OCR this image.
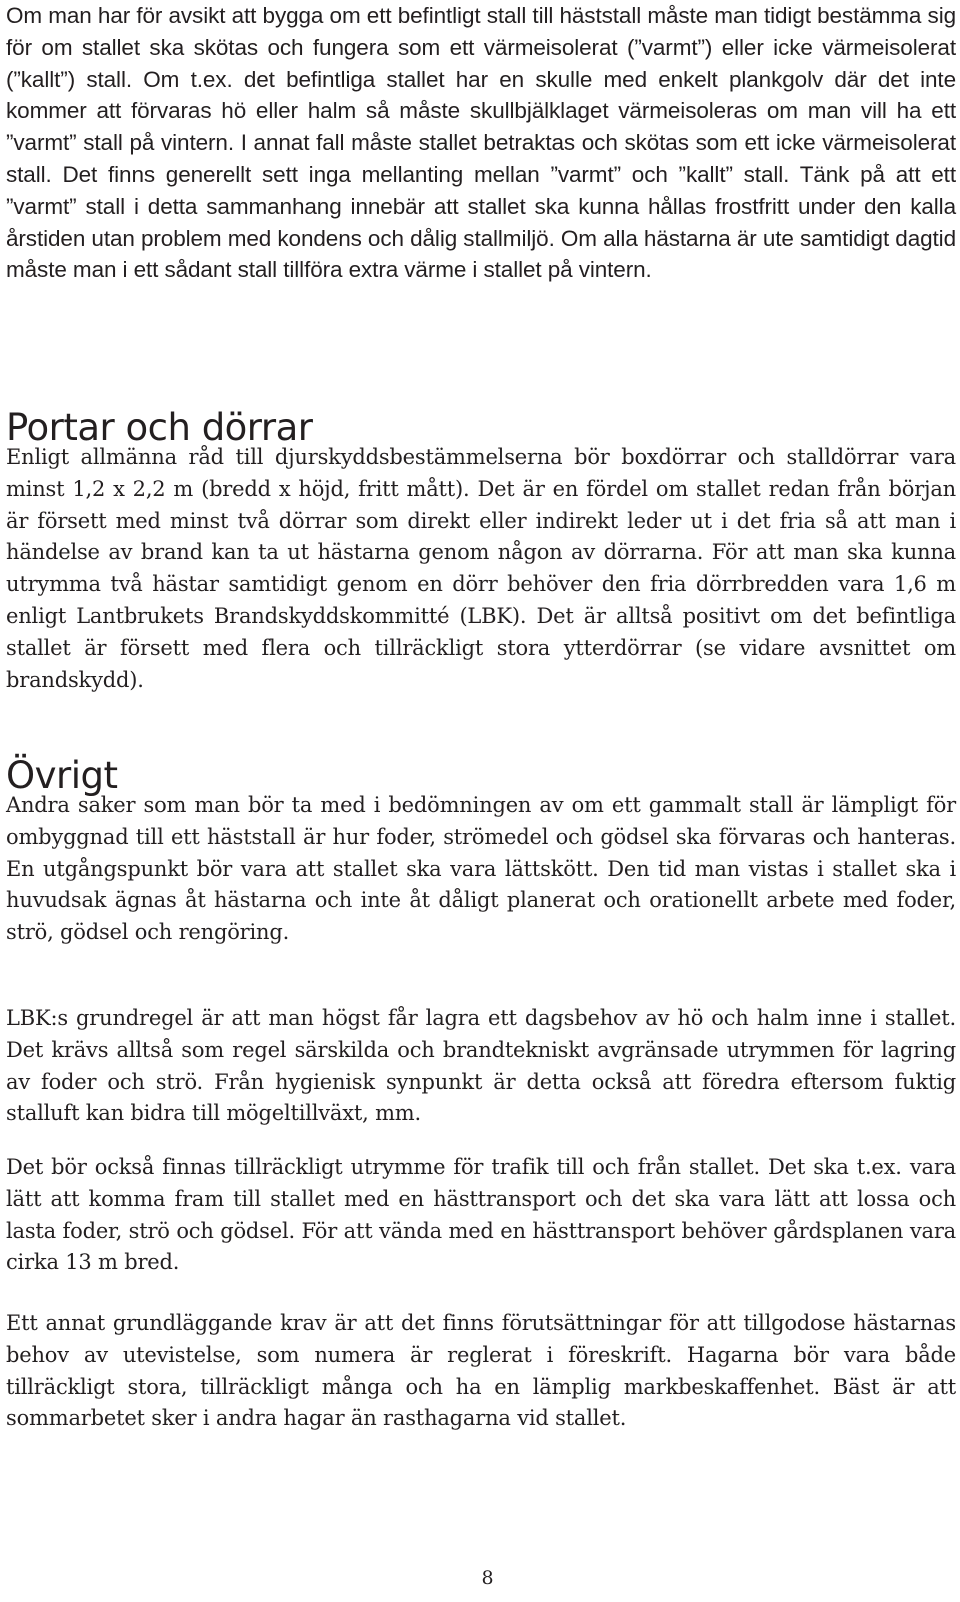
Om man har för avsikt att bygga om ett befintligt stall till häststall måste man tidigt bestämma sig för om stallet ska skötas och fungera som ett värmeisolerat (”varmt”) eller icke värmeisolerat (”kallt”) stall. Om t.ex. det befintliga stallet har en skulle med enkelt plankgolv där det inte kommer att förvaras hö eller halm så måste skullbjälklaget värmeisoleras om man vill ha ett ”varmt” stall på vintern. I annat fall måste stallet betraktas och skötas som ett icke värmeisolerat stall. Det finns generellt sett inga mellanting mellan ”varmt” och ”kallt” stall. Tänk på att ett ”varmt” stall i detta sammanhang innebär att stallet ska kunna hållas frostfritt under den kalla årstiden utan problem med kondens och dålig stallmiljö. Om alla hästarna är ute samtidigt dagtid måste man i ett sådant stall tillföra extra värme i stallet på vintern.

Portar och dörrar

Enligt allmänna råd till djurskyddsbestämmelserna bör boxdörrar och stalldörrar vara minst 1,2 x 2,2 m (bredd x höjd, fritt mått). Det är en fördel om stallet redan från början är försett med minst två dörrar som direkt eller indirekt leder ut i det fria så att man i händelse av brand kan ta ut hästarna genom någon av dörrarna. För att man ska kunna utrymma två hästar samtidigt genom en dörr behöver den fria dörrbredden vara 1,6 m enligt Lantbrukets Brandskyddskommitté (LBK). Det är alltså positivt om det befintliga stallet är försett med flera och tillräckligt stora ytterdörrar (se vidare avsnittet om brandskydd).

Övrigt

Andra saker som man bör ta med i bedömningen av om ett gammalt stall är lämpligt för ombyggnad till ett häststall är hur foder, strömedel och gödsel ska förvaras och hanteras. En utgångspunkt bör vara att stallet ska vara lättskött. Den tid man vistas i stallet ska i huvudsak ägnas åt hästarna och inte åt dåligt planerat och orationellt arbete med foder, strö, gödsel och rengöring.

LBK:s grundregel är att man högst får lagra ett dagsbehov av hö och halm inne i stallet. Det krävs alltså som regel särskilda och brandtekniskt avgränsade utrymmen för lagring av foder och strö. Från hygienisk synpunkt är detta också att föredra eftersom fuktig stalluft kan bidra till mögeltillväxt, mm.

Det bör också finnas tillräckligt utrymme för trafik till och från stallet. Det ska t.ex. vara lätt att komma fram till stallet med en hästtransport och det ska vara lätt att lossa och lasta foder, strö och gödsel. För att vända med en hästtransport behöver gårdsplanen vara cirka 13 m bred.

Ett annat grundläggande krav är att det finns förutsättningar för att tillgodose hästarnas behov av utevistelse, som numera är reglerat i föreskrift. Hagarna bör vara både tillräckligt stora, tillräckligt många och ha en lämplig markbeskaffenhet. Bäst är att sommarbetet sker i andra hagar än rasthagarna vid stallet.

8
